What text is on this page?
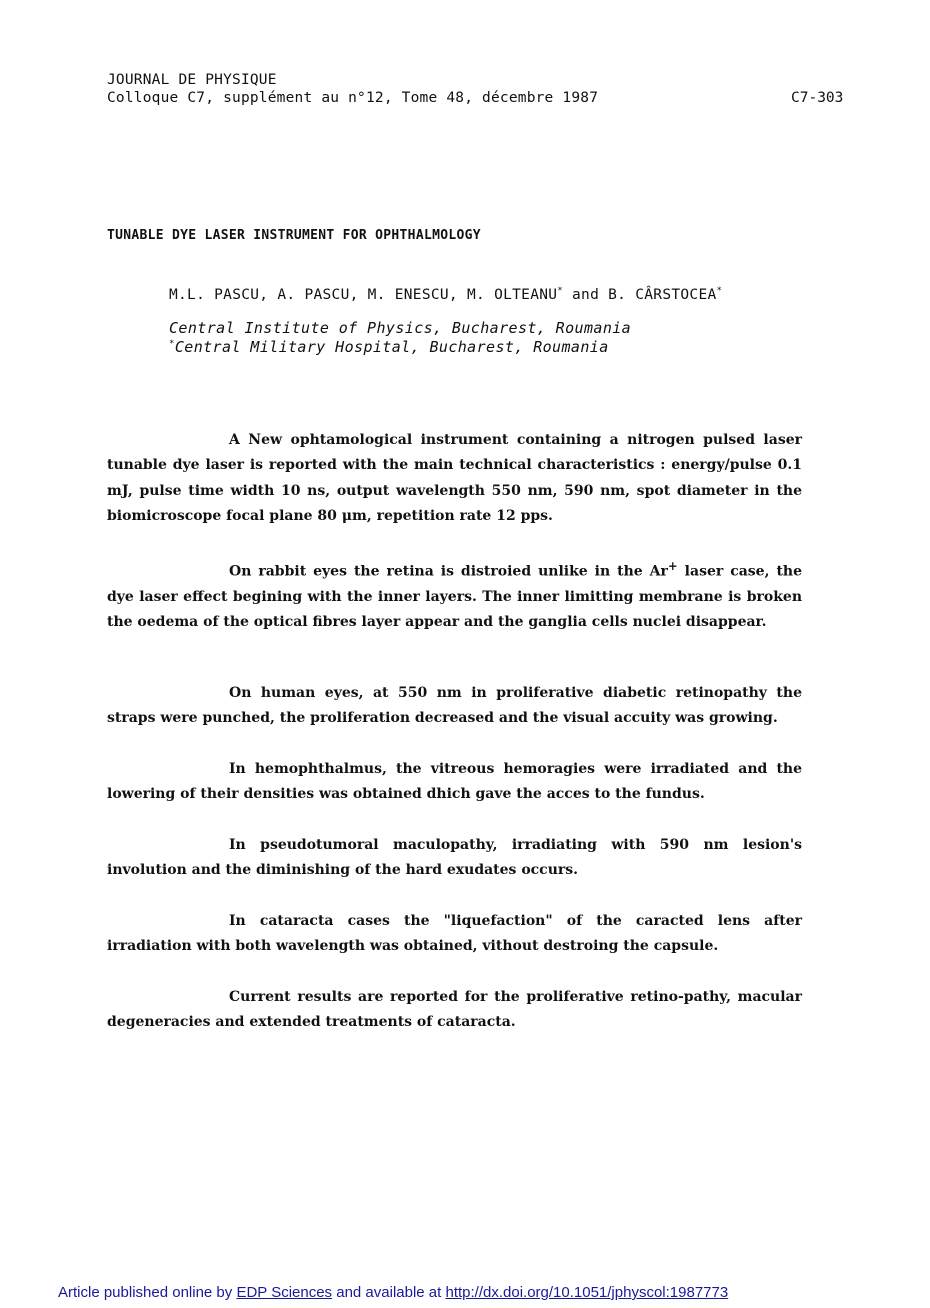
JOURNAL DE PHYSIQUE
Colloque C7, supplément au n°12, Tome 48, décembre 1987	C7-303
TUNABLE DYE LASER INSTRUMENT FOR OPHTHALMOLOGY
M.L. PASCU, A. PASCU, M. ENESCU, M. OLTEANU* and B. CÂRSTOCEA*
Central Institute of Physics, Bucharest, Roumania
*Central Military Hospital, Bucharest, Roumania

A New ophtamological instrument containing a nitrogen pulsed laser tunable dye laser is reported with the main technical characteristics : energy/pulse 0.1 mJ, pulse time width 10 ns, output wavelength 550 nm, 590 nm, spot diameter in the biomicroscope focal plane 80 μm, repetition rate 12 pps.

On rabbit eyes the retina is distroied unlike in the Ar+ laser case, the dye laser effect begining with the inner layers. The inner limitting membrane is broken the oedema of the optical fibres layer appear and the ganglia cells nuclei disappear.

On human eyes, at 550 nm in proliferative diabetic retinopathy the straps were punched, the proliferation decreased and the visual accuity was growing.

In hemophthalmus, the vitreous hemoragies were irradiated and the lowering of their densities was obtained dhich gave the acces to the fundus.

In pseudotumoral maculopathy, irradiating with 590 nm lesion's involution and the diminishing of the hard exudates occurs.

In cataracta cases the "liquefaction" of the caracted lens after irradiation with both wavelength was obtained, vithout destroing the capsule.

Current results are reported for the proliferative retino-pathy, macular degeneracies and extended treatments of cataracta.

Article published online by EDP Sciences and available at http://dx.doi.org/10.1051/jphyscol:1987773
